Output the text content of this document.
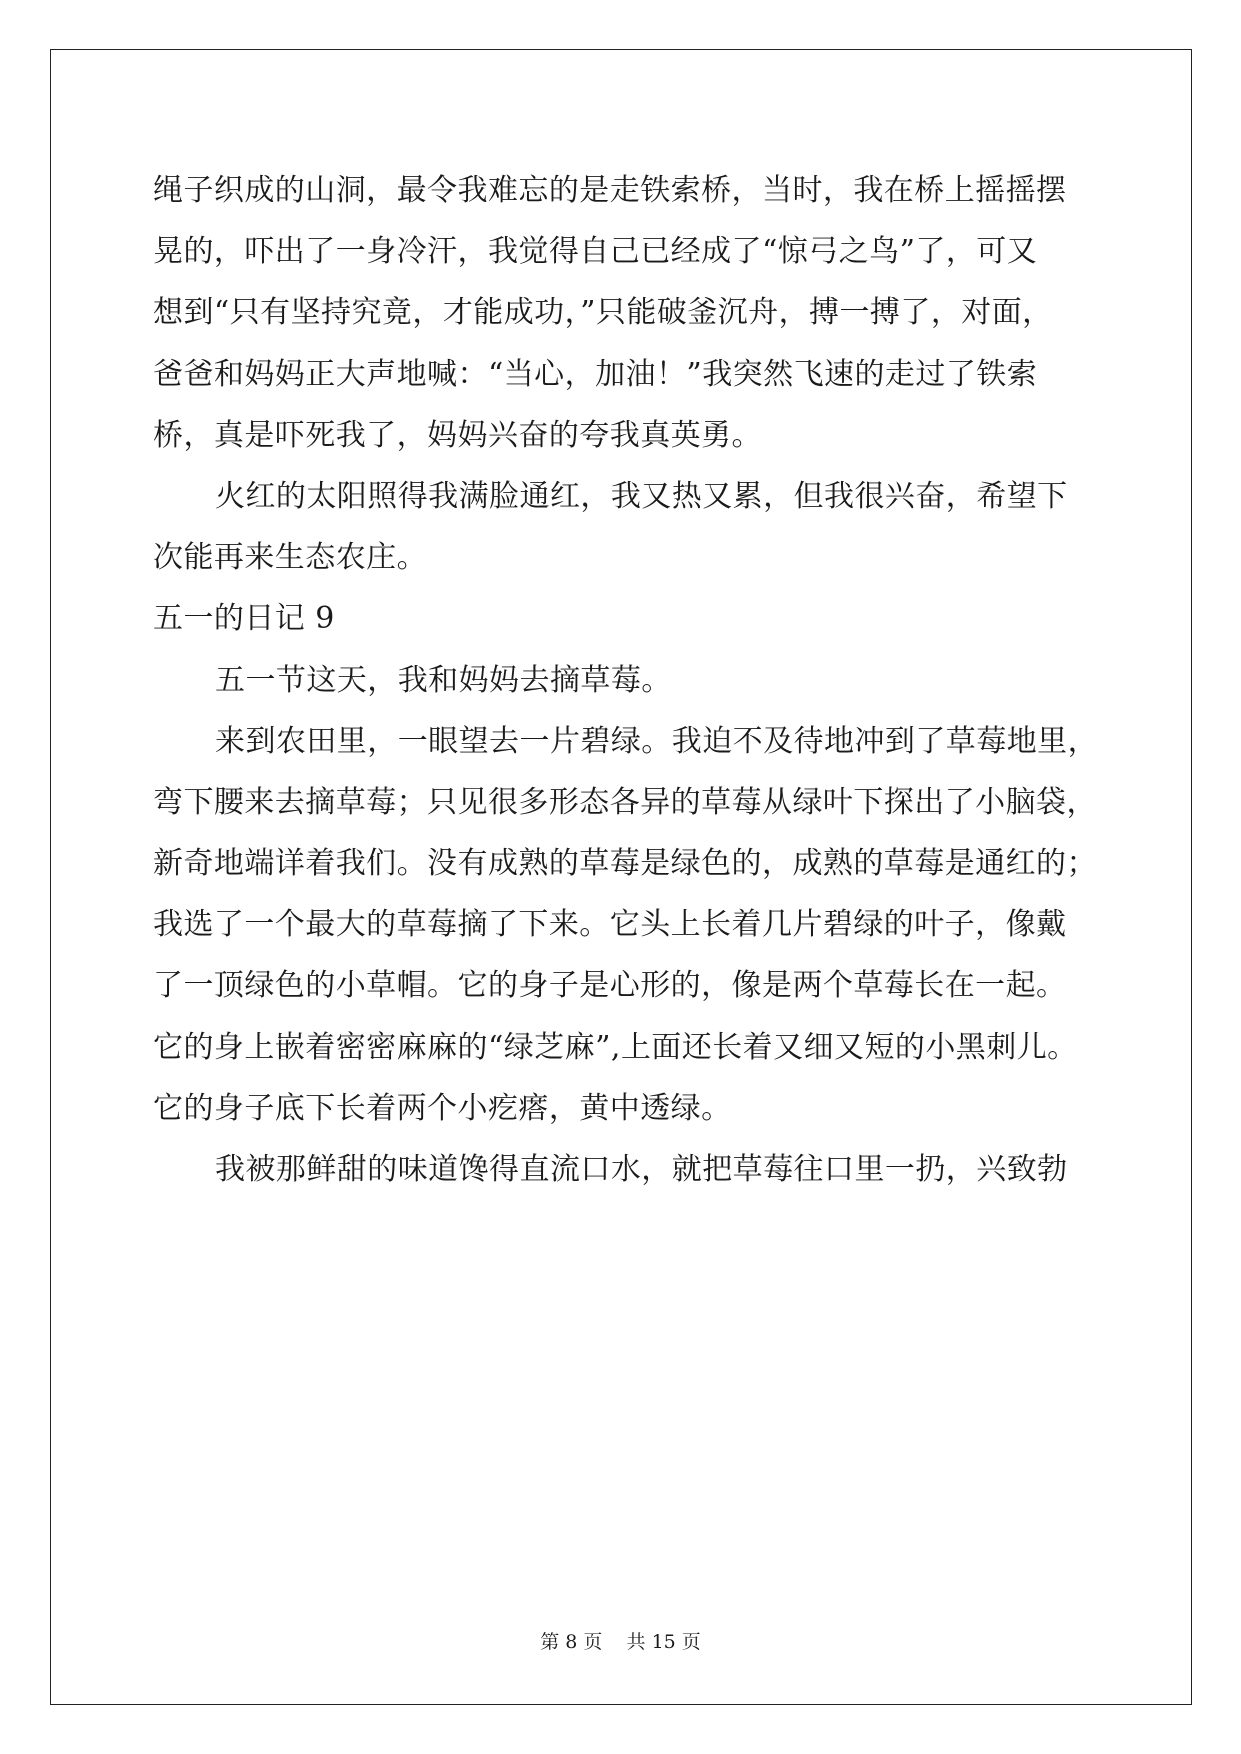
绳子织成的山洞，最令我难忘的是走铁索桥，当时，我在桥上摇摇摆
晃的，吓出了一身冷汗，我觉得自己已经成了“惊弓之鸟”了，可又
想到“只有坚持究竟，才能成功，”只能破釜沉舟，搏一搏了，对面，
爸爸和妈妈正大声地喊：“当心，加油！”我突然飞速的走过了铁索
桥，真是吓死我了，妈妈兴奋的夸我真英勇。
火红的太阳照得我满脸通红，我又热又累，但我很兴奋，希望下
次能再来生态农庄。
五一的日记 9
五一节这天，我和妈妈去摘草莓。
来到农田里，一眼望去一片碧绿。我迫不及待地冲到了草莓地里，
弯下腰来去摘草莓；只见很多形态各异的草莓从绿叶下探出了小脑袋，
新奇地端详着我们。没有成熟的草莓是绿色的，成熟的草莓是通红的；
我选了一个最大的草莓摘了下来。它头上长着几片碧绿的叶子，像戴
了一顶绿色的小草帽。它的身子是心形的，像是两个草莓长在一起。
它的身上嵌着密密麻麻的“绿芝麻”,上面还长着又细又短的小黑刺儿。
它的身子底下长着两个小疙瘩，黄中透绿。
我被那鲜甜的味道馋得直流口水，就把草莓往口里一扔，兴致勃
第 8 页    共 15 页
